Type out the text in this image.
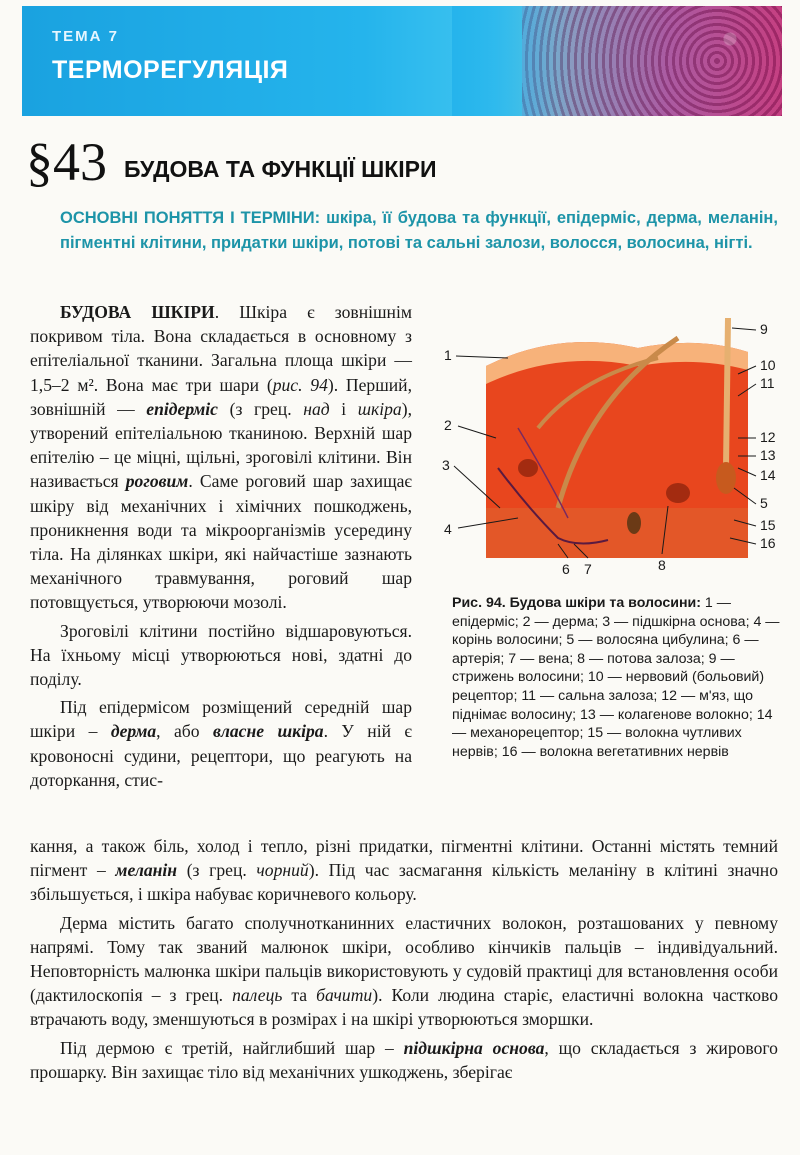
ТЕМА 7
ТЕРМОРЕГУЛЯЦІЯ
§43 БУДОВА ТА ФУНКЦІЇ ШКІРИ
ОСНОВНІ ПОНЯТТЯ І ТЕРМІНИ: шкіра, її будова та функції, епідерміс, дерма, меланін, пігментні клітини, придатки шкіри, потові та сальні залози, волосся, волосина, нігті.

БУДОВА ШКІРИ. Шкіра є зовнішнім покривом тіла. Вона складається в основному з епітеліальної тканини. Загальна площа шкіри — 1,5–2 м². Вона має три шари (рис. 94). Перший, зовнішній — епідерміс (з грец. над і шкіра), утворений епітеліальною тканиною. Верхній шар епітелію – це міцні, щільні, зроговілі клітини. Він називається роговим. Саме роговий шар захищає шкіру від механічних і хімічних пошкоджень, проникнення води та мікроорганізмів усередину тіла. На ділянках шкіри, які найчастіше зазнають механічного травмування, роговий шар потовщується, утворюючи мозолі.

Зроговілі клітини постійно відшаровуються. На їхньому місці утворюються нові, здатні до поділу.

Під епідермісом розміщений середній шар шкіри – дерма, або власне шкіра. У ній є кровоносні судини, рецептори, що реагують на доторкання, стис-

1
2
3
4
5
6 7	8
9
10
11
12
13
14
15
16
Рис. 94. Будова шкіри та волосини: 1 — епідерміс; 2 — дерма; 3 — підшкірна основа; 4 — корінь волосини; 5 — волосяна цибулина; 6 — артерія; 7 — вена; 8 — потова залоза; 9 — стрижень волосини; 10 — нервовий (больовий) рецептор; 11 — сальна залоза; 12 — м'яз, що піднімає волосину; 13 — колагенове волокно; 14 — механорецептор; 15 — волокна чутливих нервів; 16 — волокна вегетативних нервів

кання, а також біль, холод і тепло, різні придатки, пігментні клітини. Останні містять темний пігмент – меланін (з грец. чорний). Під час засмагання кількість меланіну в клітині значно збільшується, і шкіра набуває коричневого кольору.

Дерма містить багато сполучнотканинних еластичних волокон, розташованих у певному напрямі. Тому так званий малюнок шкіри, особливо кінчиків пальців – індивідуальний. Неповторність малюнка шкіри пальців використовують у судовій практиці для встановлення особи (дактилоскопія – з грец. палець та бачити). Коли людина старіє, еластичні волокна частково втрачають воду, зменшуються в розмірах і на шкірі утворюються зморшки.

Під дермою є третій, найглибший шар – підшкірна основа, що складається з жирового прошарку. Він захищає тіло від механічних ушкоджень, зберігає
